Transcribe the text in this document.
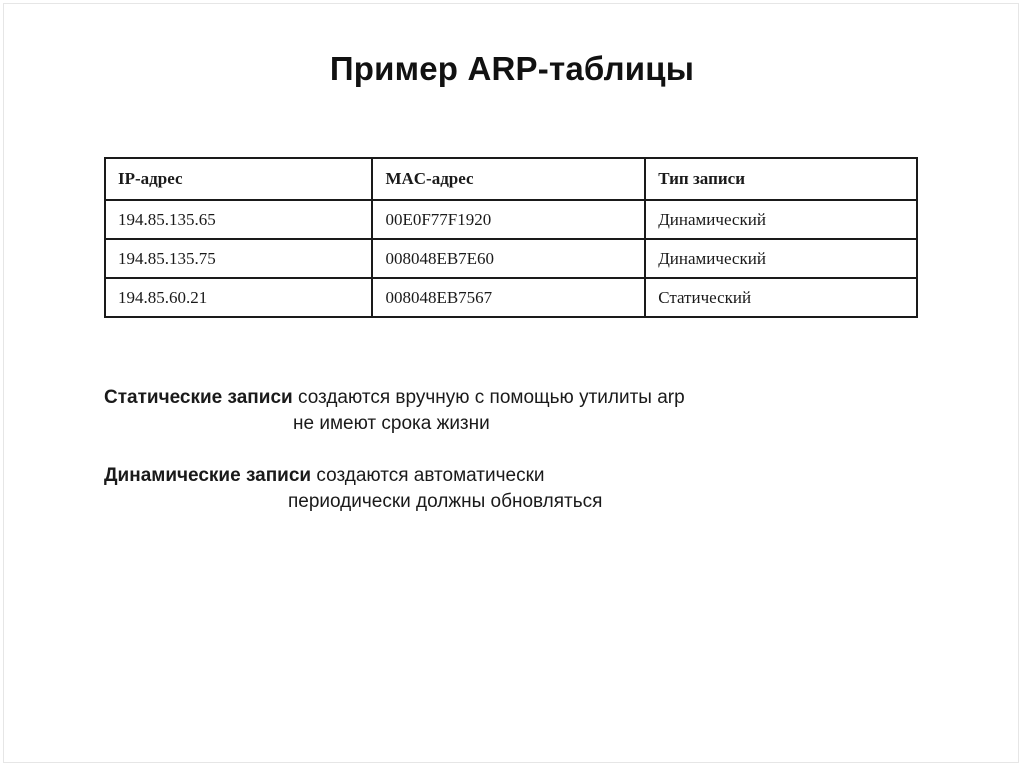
Пример ARP-таблицы
IP-адрес	MAC-адрес	Тип записи
194.85.135.65	00E0F77F1920	Динамический
194.85.135.75	008048EB7E60	Динамический
194.85.60.21	008048EB7567	Статический
Статические записи создаются вручную с помощью утилиты arp
не имеют срока жизни
Динамические записи создаются автоматически
периодически должны обновляться
